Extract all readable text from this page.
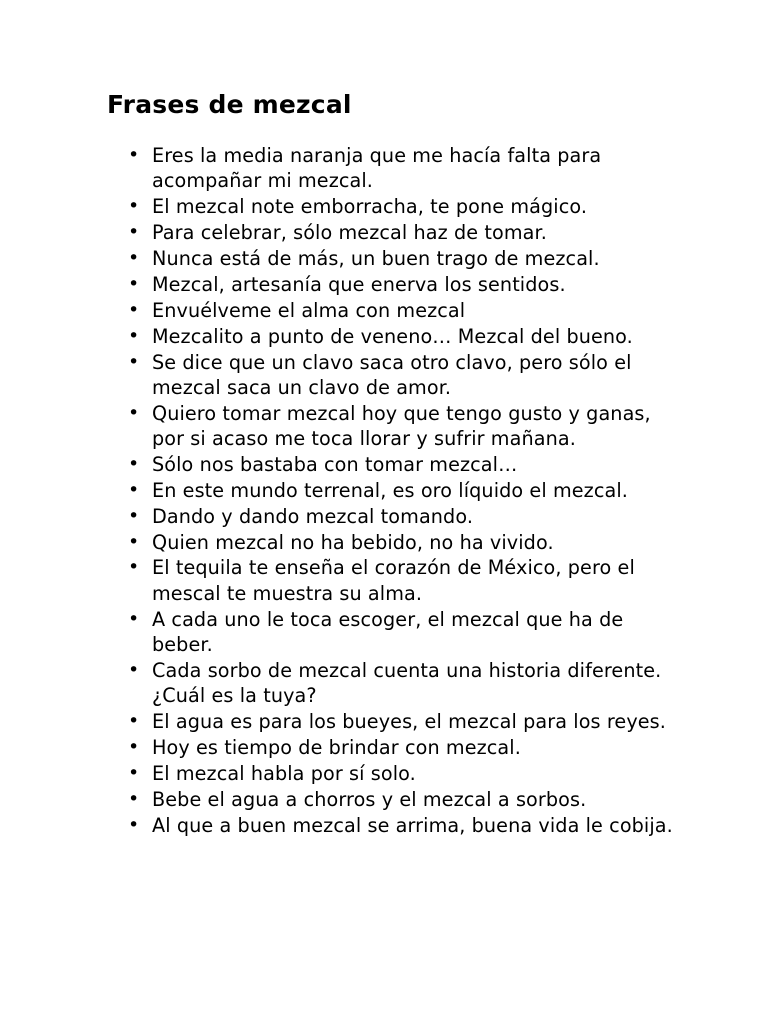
Frases de mezcal
• Eres la media naranja que me hacía falta para acompañar mi mezcal.
• El mezcal note emborracha, te pone mágico.
• Para celebrar, sólo mezcal haz de tomar.
• Nunca está de más, un buen trago de mezcal.
• Mezcal, artesanía que enerva los sentidos.
• Envuélveme el alma con mezcal
• Mezcalito a punto de veneno… Mezcal del bueno.
• Se dice que un clavo saca otro clavo, pero sólo el mezcal saca un clavo de amor.
• Quiero tomar mezcal hoy que tengo gusto y ganas, por si acaso me toca llorar y sufrir mañana.
• Sólo nos bastaba con tomar mezcal…
• En este mundo terrenal, es oro líquido el mezcal.
• Dando y dando mezcal tomando.
• Quien mezcal no ha bebido, no ha vivido.
• El tequila te enseña el corazón de México, pero el mescal te muestra su alma.
• A cada uno le toca escoger, el mezcal que ha de beber.
• Cada sorbo de mezcal cuenta una historia diferente. ¿Cuál es la tuya?
• El agua es para los bueyes, el mezcal para los reyes.
• Hoy es tiempo de brindar con mezcal.
• El mezcal habla por sí solo.
• Bebe el agua a chorros y el mezcal a sorbos.
• Al que a buen mezcal se arrima, buena vida le cobija.
